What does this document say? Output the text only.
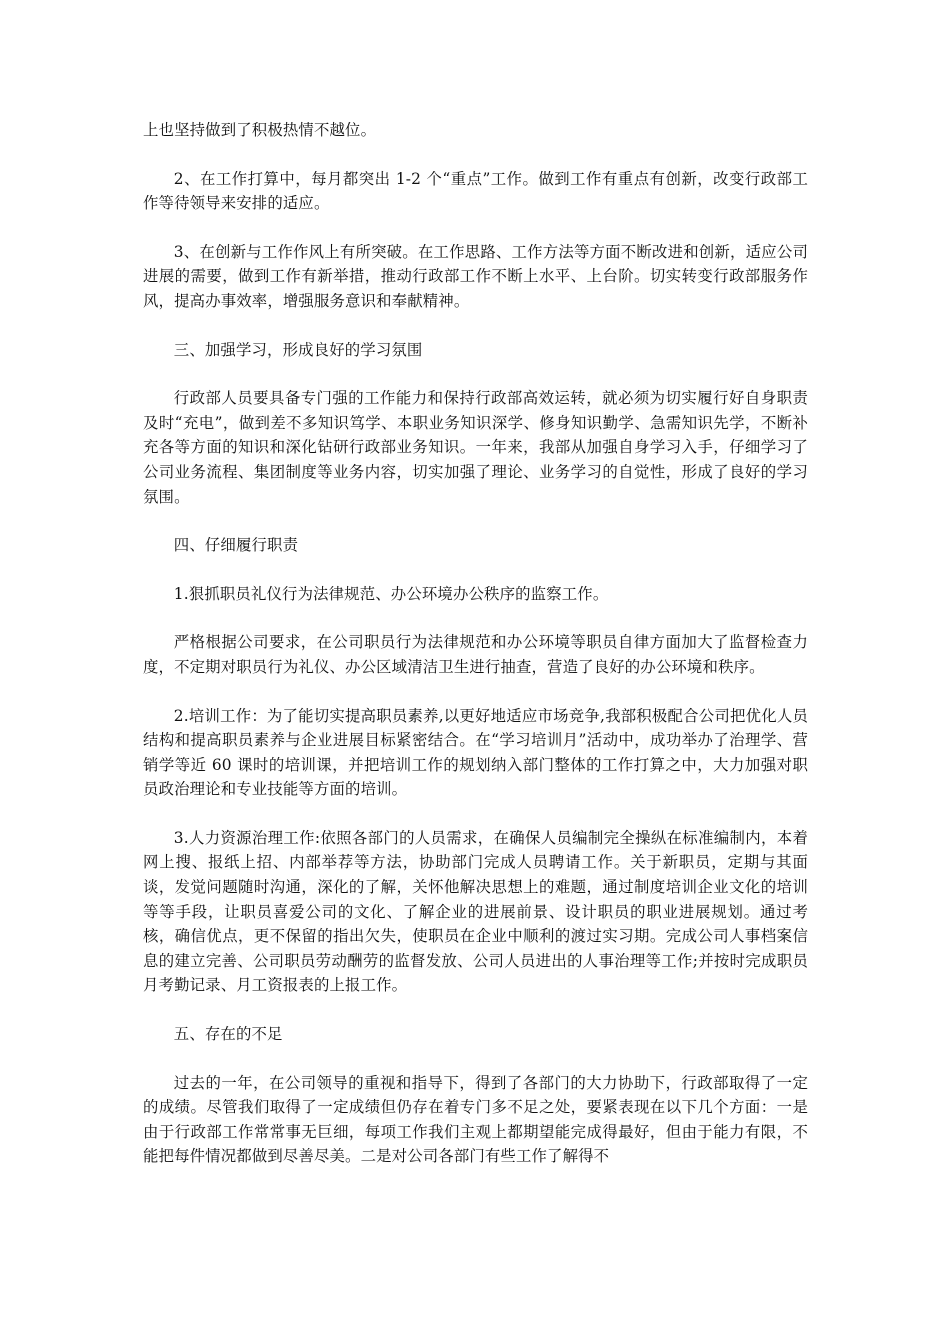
上也坚持做到了积极热情不越位。

2、在工作打算中，每月都突出 1-2 个“重点”工作。做到工作有重点有创新，改变行政部工作等待领导来安排的适应。

3、在创新与工作作风上有所突破。在工作思路、工作方法等方面不断改进和创新，适应公司进展的需要，做到工作有新举措，推动行政部工作不断上水平、上台阶。切实转变行政部服务作风，提高办事效率，增强服务意识和奉献精神。

三、加强学习，形成良好的学习氛围

行政部人员要具备专门强的工作能力和保持行政部高效运转，就必须为切实履行好自身职责及时“充电”，做到差不多知识笃学、本职业务知识深学、修身知识勤学、急需知识先学，不断补充各等方面的知识和深化钻研行政部业务知识。一年来，我部从加强自身学习入手，仔细学习了公司业务流程、集团制度等业务内容，切实加强了理论、业务学习的自觉性，形成了良好的学习氛围。

四、仔细履行职责

1.狠抓职员礼仪行为法律规范、办公环境办公秩序的监察工作。

严格根据公司要求，在公司职员行为法律规范和办公环境等职员自律方面加大了监督检查力度，不定期对职员行为礼仪、办公区域清洁卫生进行抽查，营造了良好的办公环境和秩序。

2.培训工作：为了能切实提高职员素养,以更好地适应市场竞争,我部积极配合公司把优化人员结构和提高职员素养与企业进展目标紧密结合。在“学习培训月”活动中，成功举办了治理学、营销学等近 60 课时的培训课，并把培训工作的规划纳入部门整体的工作打算之中，大力加强对职员政治理论和专业技能等方面的培训。

3.人力资源治理工作:依照各部门的人员需求，在确保人员编制完全操纵在标准编制内，本着网上搜、报纸上招、内部举荐等方法，协助部门完成人员聘请工作。关于新职员，定期与其面谈，发觉问题随时沟通，深化的了解，关怀他解决思想上的难题，通过制度培训企业文化的培训等等手段，让职员喜爱公司的文化、了解企业的进展前景、设计职员的职业进展规划。通过考核，确信优点，更不保留的指出欠失，使职员在企业中顺利的渡过实习期。完成公司人事档案信息的建立完善、公司职员劳动酬劳的监督发放、公司人员进出的人事治理等工作;并按时完成职员月考勤记录、月工资报表的上报工作。

五、存在的不足

过去的一年，在公司领导的重视和指导下，得到了各部门的大力协助下，行政部取得了一定的成绩。尽管我们取得了一定成绩但仍存在着专门多不足之处，要紧表现在以下几个方面：一是由于行政部工作常常事无巨细，每项工作我们主观上都期望能完成得最好，但由于能力有限，不能把每件情况都做到尽善尽美。二是对公司各部门有些工作了解得不
